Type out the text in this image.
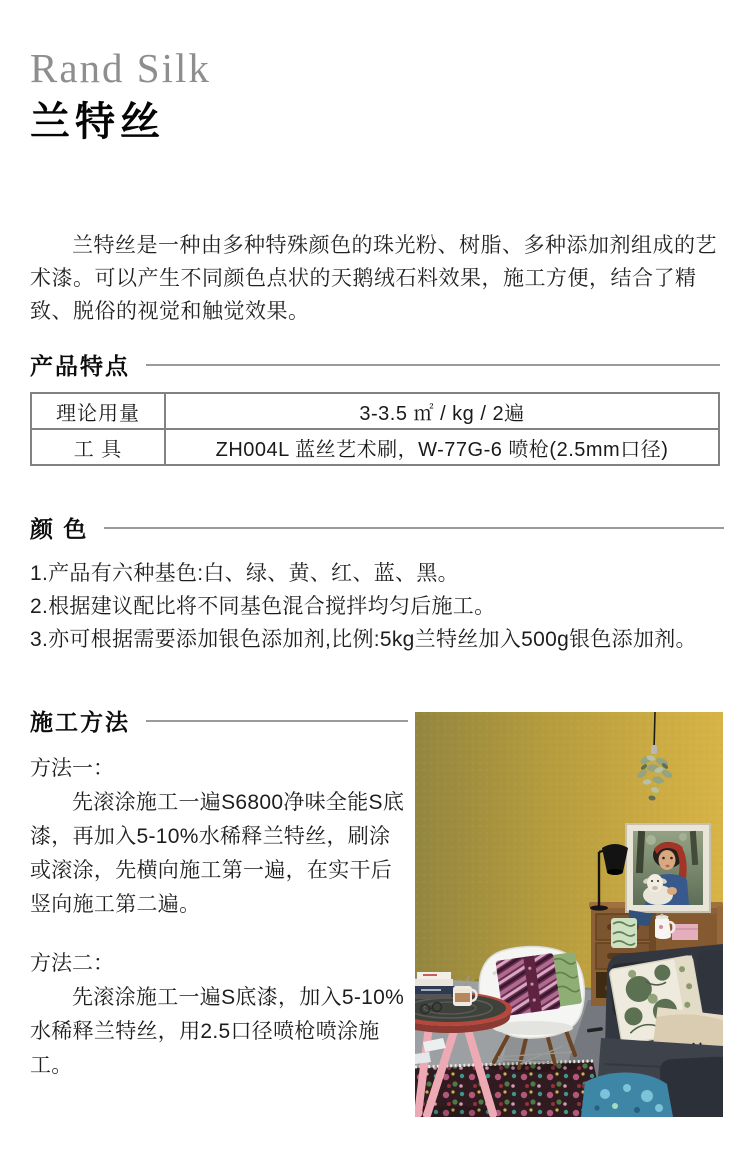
Rand Silk
兰特丝

兰特丝是一种由多种特殊颜色的珠光粉、树脂、多种添加剂组成的艺术漆。可以产生不同颜色点状的天鹅绒石料效果，施工方便，结合了精致、脱俗的视觉和触觉效果。

产品特点
理论用量	3-3.5 ㎡ / kg / 2遍
工 具	ZH004L 蓝丝艺术刷，W-77G-6 喷枪(2.5mm口径)
颜 色
1.产品有六种基色:白、绿、黄、红、蓝、黑。
2.根据建议配比将不同基色混合搅拌均匀后施工。
3.亦可根据需要添加银色添加剂,比例:5kg兰特丝加入500g银色添加剂。
施工方法
方法一：
先滚涂施工一遍S6800净味全能S底漆，再加入5-10%水稀释兰特丝，刷涂或滚涂，先横向施工第一遍，在实干后竖向施工第二遍。
方法二：
先滚涂施工一遍S底漆，加入5-10%水稀释兰特丝，用2.5口径喷枪喷涂施工。
